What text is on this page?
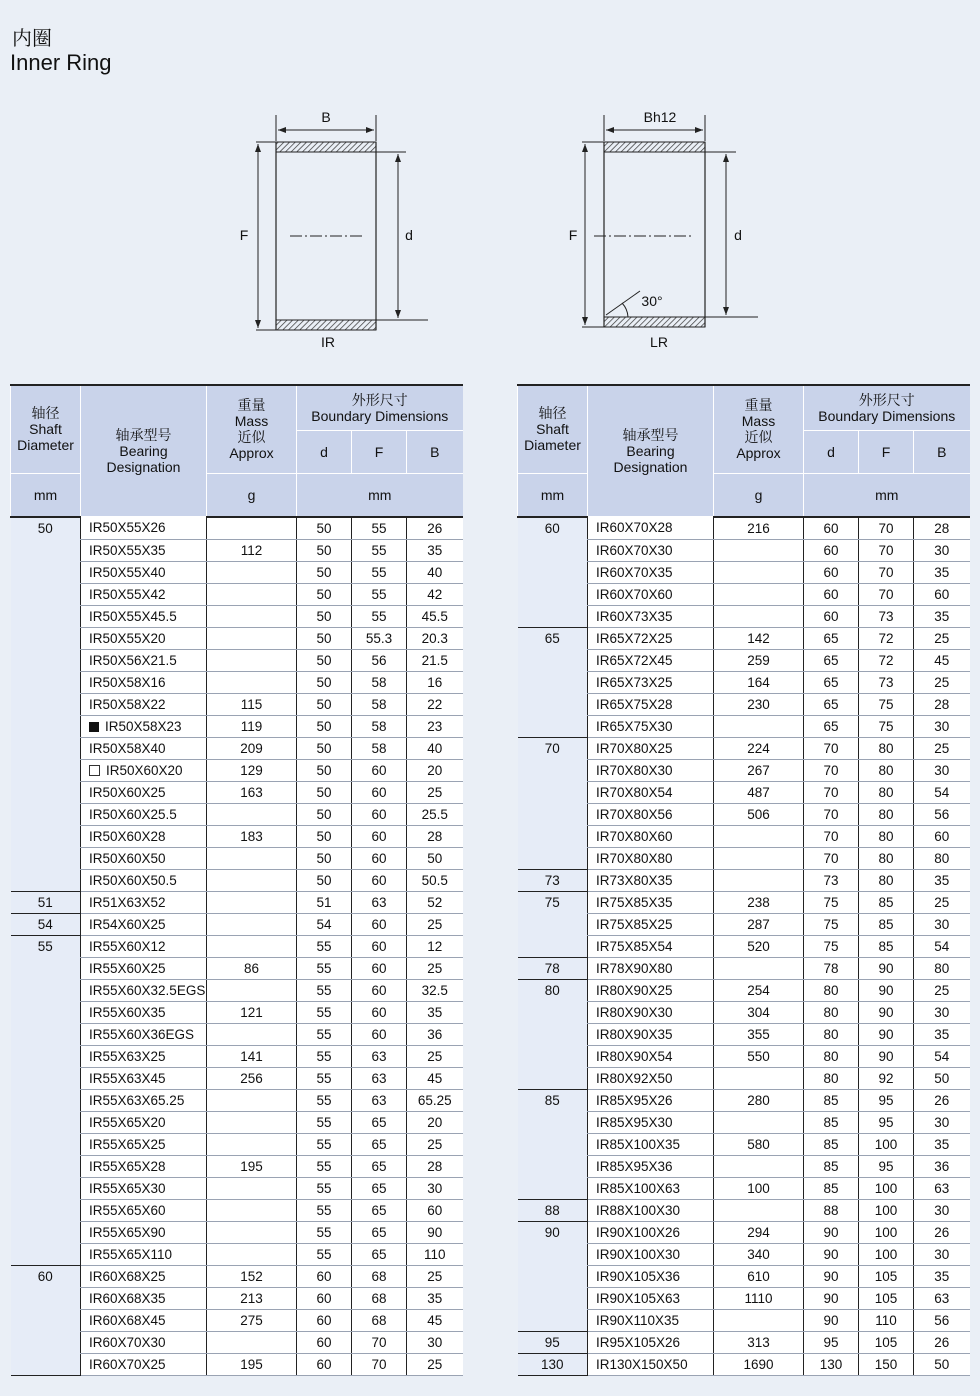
内圈
Inner Ring
B
F	d
IR
Bh12
F	d
30°
LR
轴径
Shaft
Diameter	轴承型号
Bearing
Designation	重量
Mass
近似
Approx	外形尺寸
Boundary Dimensions		
			d	F	B
mm		g	mm		
50	IR50X55X26		50	55	26
	IR50X55X35	112	50	55	35
	IR50X55X40		50	55	40
	IR50X55X42		50	55	42
	IR50X55X45.5		50	55	45.5
	IR50X55X20		50	55.3	20.3
	IR50X56X21.5		50	56	21.5
	IR50X58X16		50	58	16
	IR50X58X22	115	50	58	22
	IR50X58X23	119	50	58	23
	IR50X58X40	209	50	58	40
	IR50X60X20	129	50	60	20
	IR50X60X25	163	50	60	25
	IR50X60X25.5		50	60	25.5
	IR50X60X28	183	50	60	28
	IR50X60X50		50	60	50
	IR50X60X50.5		50	60	50.5
51	IR51X63X52		51	63	52
54	IR54X60X25		54	60	25
55	IR55X60X12		55	60	12
	IR55X60X25	86	55	60	25
	IR55X60X32.5EGS		55	60	32.5
	IR55X60X35	121	55	60	35
	IR55X60X36EGS		55	60	36
	IR55X63X25	141	55	63	25
	IR55X63X45	256	55	63	45
	IR55X63X65.25		55	63	65.25
	IR55X65X20		55	65	20
	IR55X65X25		55	65	25
	IR55X65X28	195	55	65	28
	IR55X65X30		55	65	30
	IR55X65X60		55	65	60
	IR55X65X90		55	65	90
	IR55X65X110		55	65	110
60	IR60X68X25	152	60	68	25
	IR60X68X35	213	60	68	35
	IR60X68X45	275	60	68	45
	IR60X70X30		60	70	30
	IR60X70X25	195	60	70	25
轴径
Shaft
Diameter	轴承型号
Bearing
Designation	重量
Mass
近似
Approx	外形尺寸
Boundary Dimensions		
			d	F	B
mm		g	mm		
60	IR60X70X28	216	60	70	28
	IR60X70X30		60	70	30
	IR60X70X35		60	70	35
	IR60X70X60		60	70	60
	IR60X73X35		60	73	35
65	IR65X72X25	142	65	72	25
	IR65X72X45	259	65	72	45
	IR65X73X25	164	65	73	25
	IR65X75X28	230	65	75	28
	IR65X75X30		65	75	30
70	IR70X80X25	224	70	80	25
	IR70X80X30	267	70	80	30
	IR70X80X54	487	70	80	54
	IR70X80X56	506	70	80	56
	IR70X80X60		70	80	60
	IR70X80X80		70	80	80
73	IR73X80X35		73	80	35
75	IR75X85X35	238	75	85	25
	IR75X85X25	287	75	85	30
	IR75X85X54	520	75	85	54
78	IR78X90X80		78	90	80
80	IR80X90X25	254	80	90	25
	IR80X90X30	304	80	90	30
	IR80X90X35	355	80	90	35
	IR80X90X54	550	80	90	54
	IR80X92X50		80	92	50
85	IR85X95X26	280	85	95	26
	IR85X95X30		85	95	30
	IR85X100X35	580	85	100	35
	IR85X95X36		85	95	36
	IR85X100X63	100	85	100	63
88	IR88X100X30		88	100	30
90	IR90X100X26	294	90	100	26
	IR90X100X30	340	90	100	30
	IR90X105X36	610	90	105	35
	IR90X105X63	1110	90	105	63
	IR90X110X35		90	110	56
95	IR95X105X26	313	95	105	26
130	IR130X150X50	1690	130	150	50
